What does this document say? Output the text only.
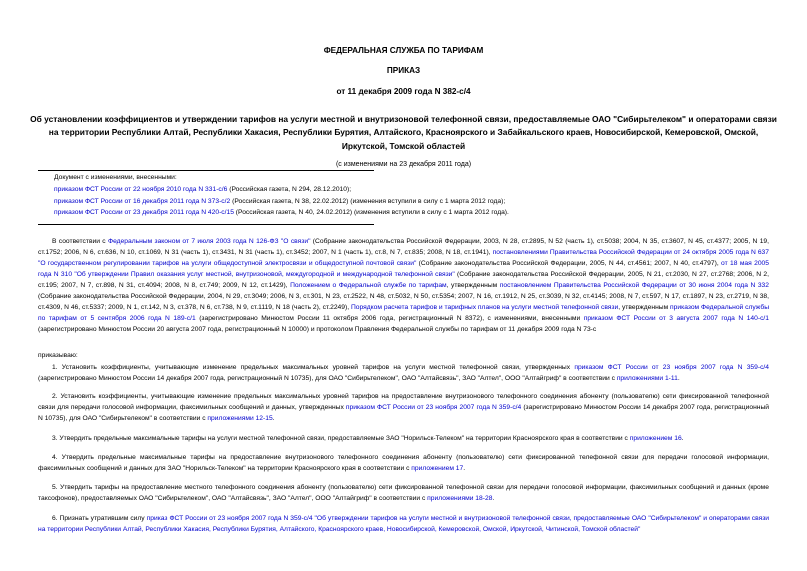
ФЕДЕРАЛЬНАЯ СЛУЖБА ПО ТАРИФАМ
ПРИКАЗ
от 11 декабря 2009 года N 382-с/4
Об установлении коэффициентов и утверждении тарифов на услуги местной и внутризоновой телефонной связи, предоставляемые ОАО "Сибирьтелеком" и операторами связи на территории Республики Алтай, Республики Хакасия, Республики Бурятия, Алтайского, Красноярского и Забайкальского краев, Новосибирской, Кемеровской, Омской, Иркутской, Томской областей
(с изменениями на 23 декабря 2011 года)
Документ с изменениями, внесенными:
приказом ФСТ России от 22 ноября 2010 года N 331-с/6 (Российская газета, N 294, 28.12.2010);
приказом ФСТ России от 16 декабря 2011 года N 373-с/2 (Российская газета, N 38, 22.02.2012) (изменения вступили в силу с 1 марта 2012 года);
приказом ФСТ России от 23 декабря 2011 года N 420-с/15 (Российская газета, N 40, 24.02.2012) (изменения вступили в силу с 1 марта 2012 года).
В соответствии с Федеральным законом от 7 июля 2003 года N 126-ФЗ "О связи" (Собрание законодательства Российской Федерации, 2003, N 28, ст.2895, N 52 (часть 1), ст.5038; 2004, N 35, ст.3607, N 45, ст.4377; 2005, N 19, ст.1752; 2006, N 6, ст.636, N 10, ст.1069, N 31 (часть 1), ст.3431, N 31 (часть 1), ст.3452; 2007, N 1 (часть 1), ст.8, N 7, ст.835; 2008, N 18, ст.1941), постановлениями Правительства Российской Федерации от 24 октября 2005 года N 637 "О государственном регулировании тарифов на услуги общедоступной электросвязи и общедоступной почтовой связи" (Собрание законодательства Российской Федерации, 2005, N 44, ст.4561; 2007, N 40, ст.4797), от 18 мая 2005 года N 310 "Об утверждении Правил оказания услуг местной, внутризоновой, междугородной и международной телефонной связи" (Собрание законодательства Российской Федерации, 2005, N 21, ст.2030, N 27, ст.2768; 2006, N 2, ст.195; 2007, N 7, ст.898, N 31, ст.4094; 2008, N 8, ст.749; 2009, N 12, ст.1429), Положением о Федеральной службе по тарифам, утвержденным постановлением Правительства Российской Федерации от 30 июня 2004 года N 332 (Собрание законодательства Российской Федерации, 2004, N 29, ст.3049; 2006, N 3, ст.301, N 23, ст.2522, N 48, ст.5032, N 50, ст.5354; 2007, N 16, ст.1912, N 25, ст.3039, N 32, ст.4145; 2008, N 7, ст.597, N 17, ст.1897, N 23, ст.2719, N 38, ст.4309, N 46, ст.5337; 2009, N 1, ст.142, N 3, ст.378, N 6, ст.738, N 9, ст.1119, N 18 (часть 2), ст.2249), Порядком расчета тарифов и тарифных планов на услуги местной телефонной связи, утвержденным приказом Федеральной службы по тарифам от 5 сентября 2006 года N 189-с/1 (зарегистрировано Минюстом России 11 октября 2006 года, регистрационный N 8372), с изменениями, внесенными приказом ФСТ России от 3 августа 2007 года N 140-с/1 (зарегистрировано Минюстом России 20 августа 2007 года, регистрационный N 10000) и протоколом Правления Федеральной службы по тарифам от 11 декабря 2009 года N 73-с
приказываю:
1. Установить коэффициенты, учитывающие изменение предельных максимальных уровней тарифов на услуги местной телефонной связи, утвержденных приказом ФСТ России от 23 ноября 2007 года N 359-с/4 (зарегистрировано Минюстом России 14 декабря 2007 года, регистрационный N 10735), для ОАО "Сибирьтелеком", ОАО "Алтайсвязь", ЗАО "Алтел", ООО "Алтайгриф" в соответствии с приложениями 1-11.
2. Установить коэффициенты, учитывающие изменение предельных максимальных уровней тарифов на предоставление внутризонового телефонного соединения абоненту (пользователю) сети фиксированной телефонной связи для передачи голосовой информации, факсимильных сообщений и данных, утвержденных приказом ФСТ России от 23 ноября 2007 года N 359-с/4 (зарегистрировано Минюстом России 14 декабря 2007 года, регистрационный N 10735), для ОАО "Сибирьтелеком" в соответствии с приложениями 12-15.
3. Утвердить предельные максимальные тарифы на услуги местной телефонной связи, предоставляемые ЗАО "Норильск-Телеком" на территории Красноярского края в соответствии с приложением 16.
4. Утвердить предельные максимальные тарифы на предоставление внутризонового телефонного соединения абоненту (пользователю) сети фиксированной телефонной связи для передачи голосовой информации, факсимильных сообщений и данных для ЗАО "Норильск-Телеком" на территории Красноярского края в соответствии с приложением 17.
5. Утвердить тарифы на предоставление местного телефонного соединения абоненту (пользователю) сети фиксированной телефонной связи для передачи голосовой информации, факсимильных сообщений и данных (кроме таксофонов), предоставляемых ОАО "Сибирьтелеком", ОАО "Алтайсвязь", ЗАО "Алтел", ООО "Алтайгриф" в соответствии с приложениями 18-28.
6. Признать утратившим силу приказ ФСТ России от 23 ноября 2007 года N 359-с/4 "Об утверждении тарифов на услуги местной и внутризоновой телефонной связи, предоставляемые ОАО "Сибирьтелеком" и операторами связи на территории Республики Алтай, Республики Хакасия, Республики Бурятия, Алтайского, Красноярского краев, Новосибирской, Кемеровской, Омской, Иркутской, Читинской, Томской областей"
